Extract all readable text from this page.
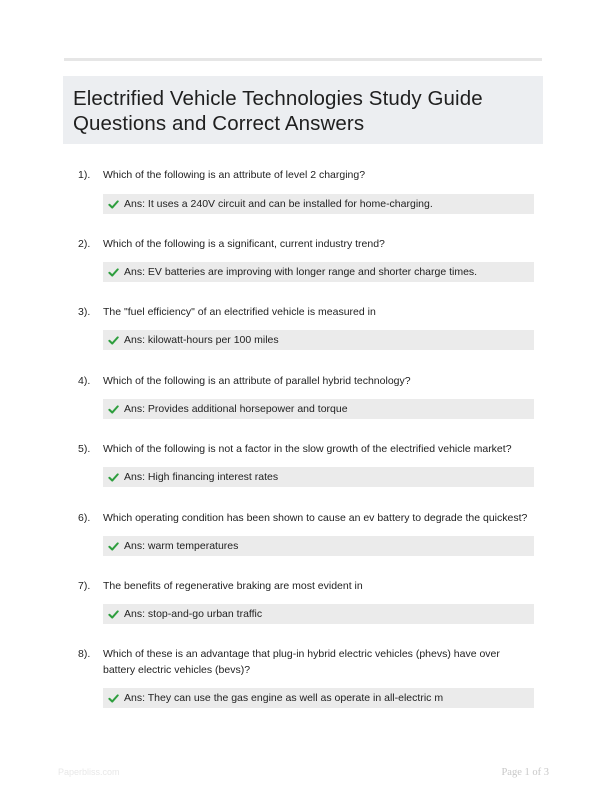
Electrified Vehicle Technologies Study Guide
Questions and Correct Answers
1). Which of the following is an attribute of level 2 charging?
Ans: It uses a 240V circuit and can be installed for home-charging.
2). Which of the following is a significant, current industry trend?
Ans: EV batteries are improving with longer range and shorter charge times.
3). The "fuel efficiency" of an electrified vehicle is measured in
Ans: kilowatt-hours per 100 miles
4). Which of the following is an attribute of parallel hybrid technology?
Ans: Provides additional horsepower and torque
5). Which of the following is not a factor in the slow growth of the electrified vehicle market?
Ans: High financing interest rates
6). Which operating condition has been shown to cause an ev battery to degrade the quickest?
Ans: warm temperatures
7). The benefits of regenerative braking are most evident in
Ans: stop-and-go urban traffic
8). Which of these is an advantage that plug-in hybrid electric vehicles (phevs) have over battery electric vehicles (bevs)?
Ans: They can use the gas engine as well as operate in all-electric m
Paperbliss.com	Page 1 of 3
